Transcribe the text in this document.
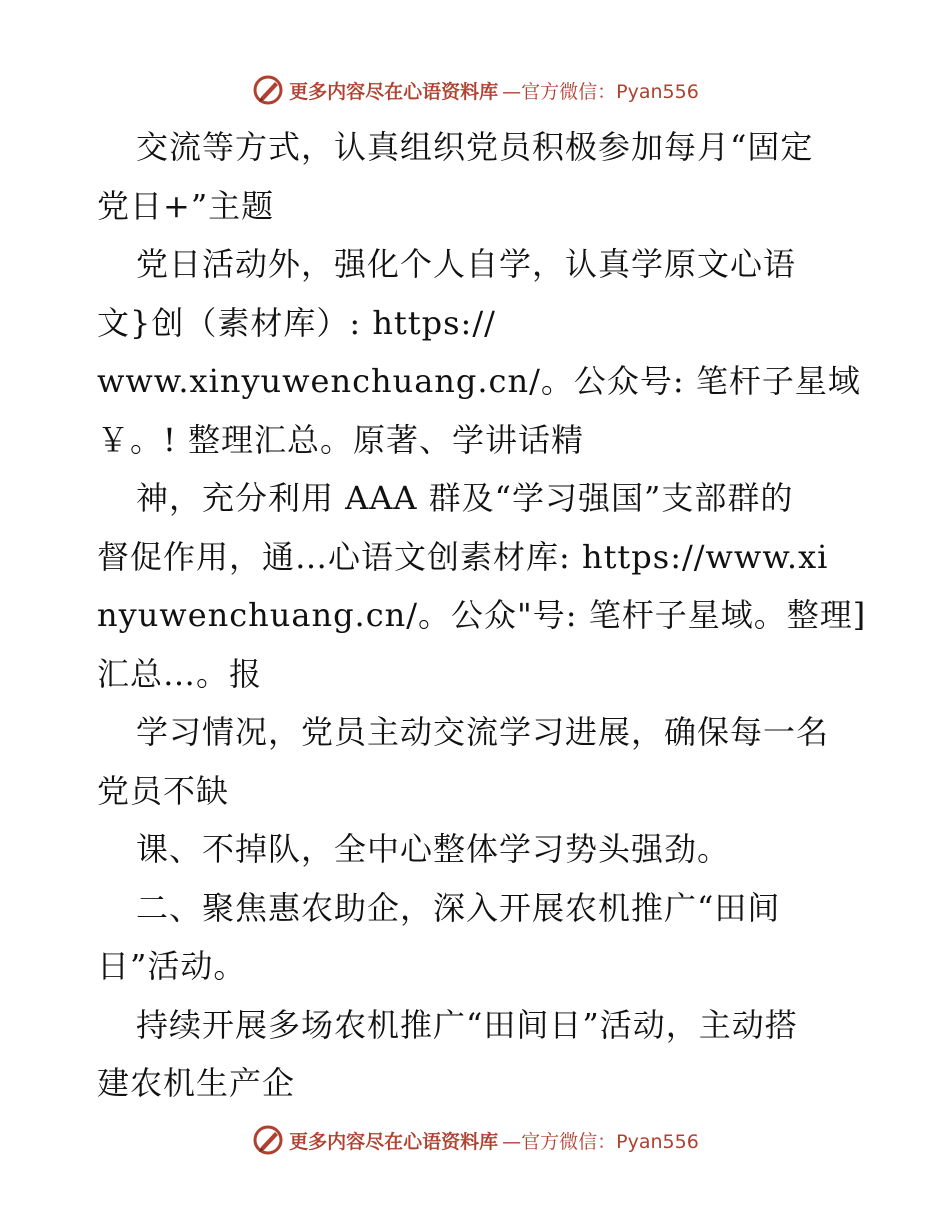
更多内容尽在心语资料库 —官方微信：Pyan556
交流等方式，认真组织党员积极参加每月“固定
党日+”主题
党日活动外，强化个人自学，认真学原文心语
文}创（素材库）: https://
www.xinyuwenchuang.cn/。公众号: 笔杆子星域
￥。! 整理汇总。原著、学讲话精
神，充分利用 AAA 群及“学习强国”支部群的
督促作用，通…心语文创素材库: https://www.xi
nyuwenchuang.cn/。公众"号: 笔杆子星域。整理]
汇总…。报
学习情况，党员主动交流学习进展，确保每一名
党员不缺
课、不掉队，全中心整体学习势头强劲。
二、聚焦惠农助企，深入开展农机推广“田间
日”活动。
持续开展多场农机推广“田间日”活动，主动搭
建农机生产企
更多内容尽在心语资料库 —官方微信：Pyan556
